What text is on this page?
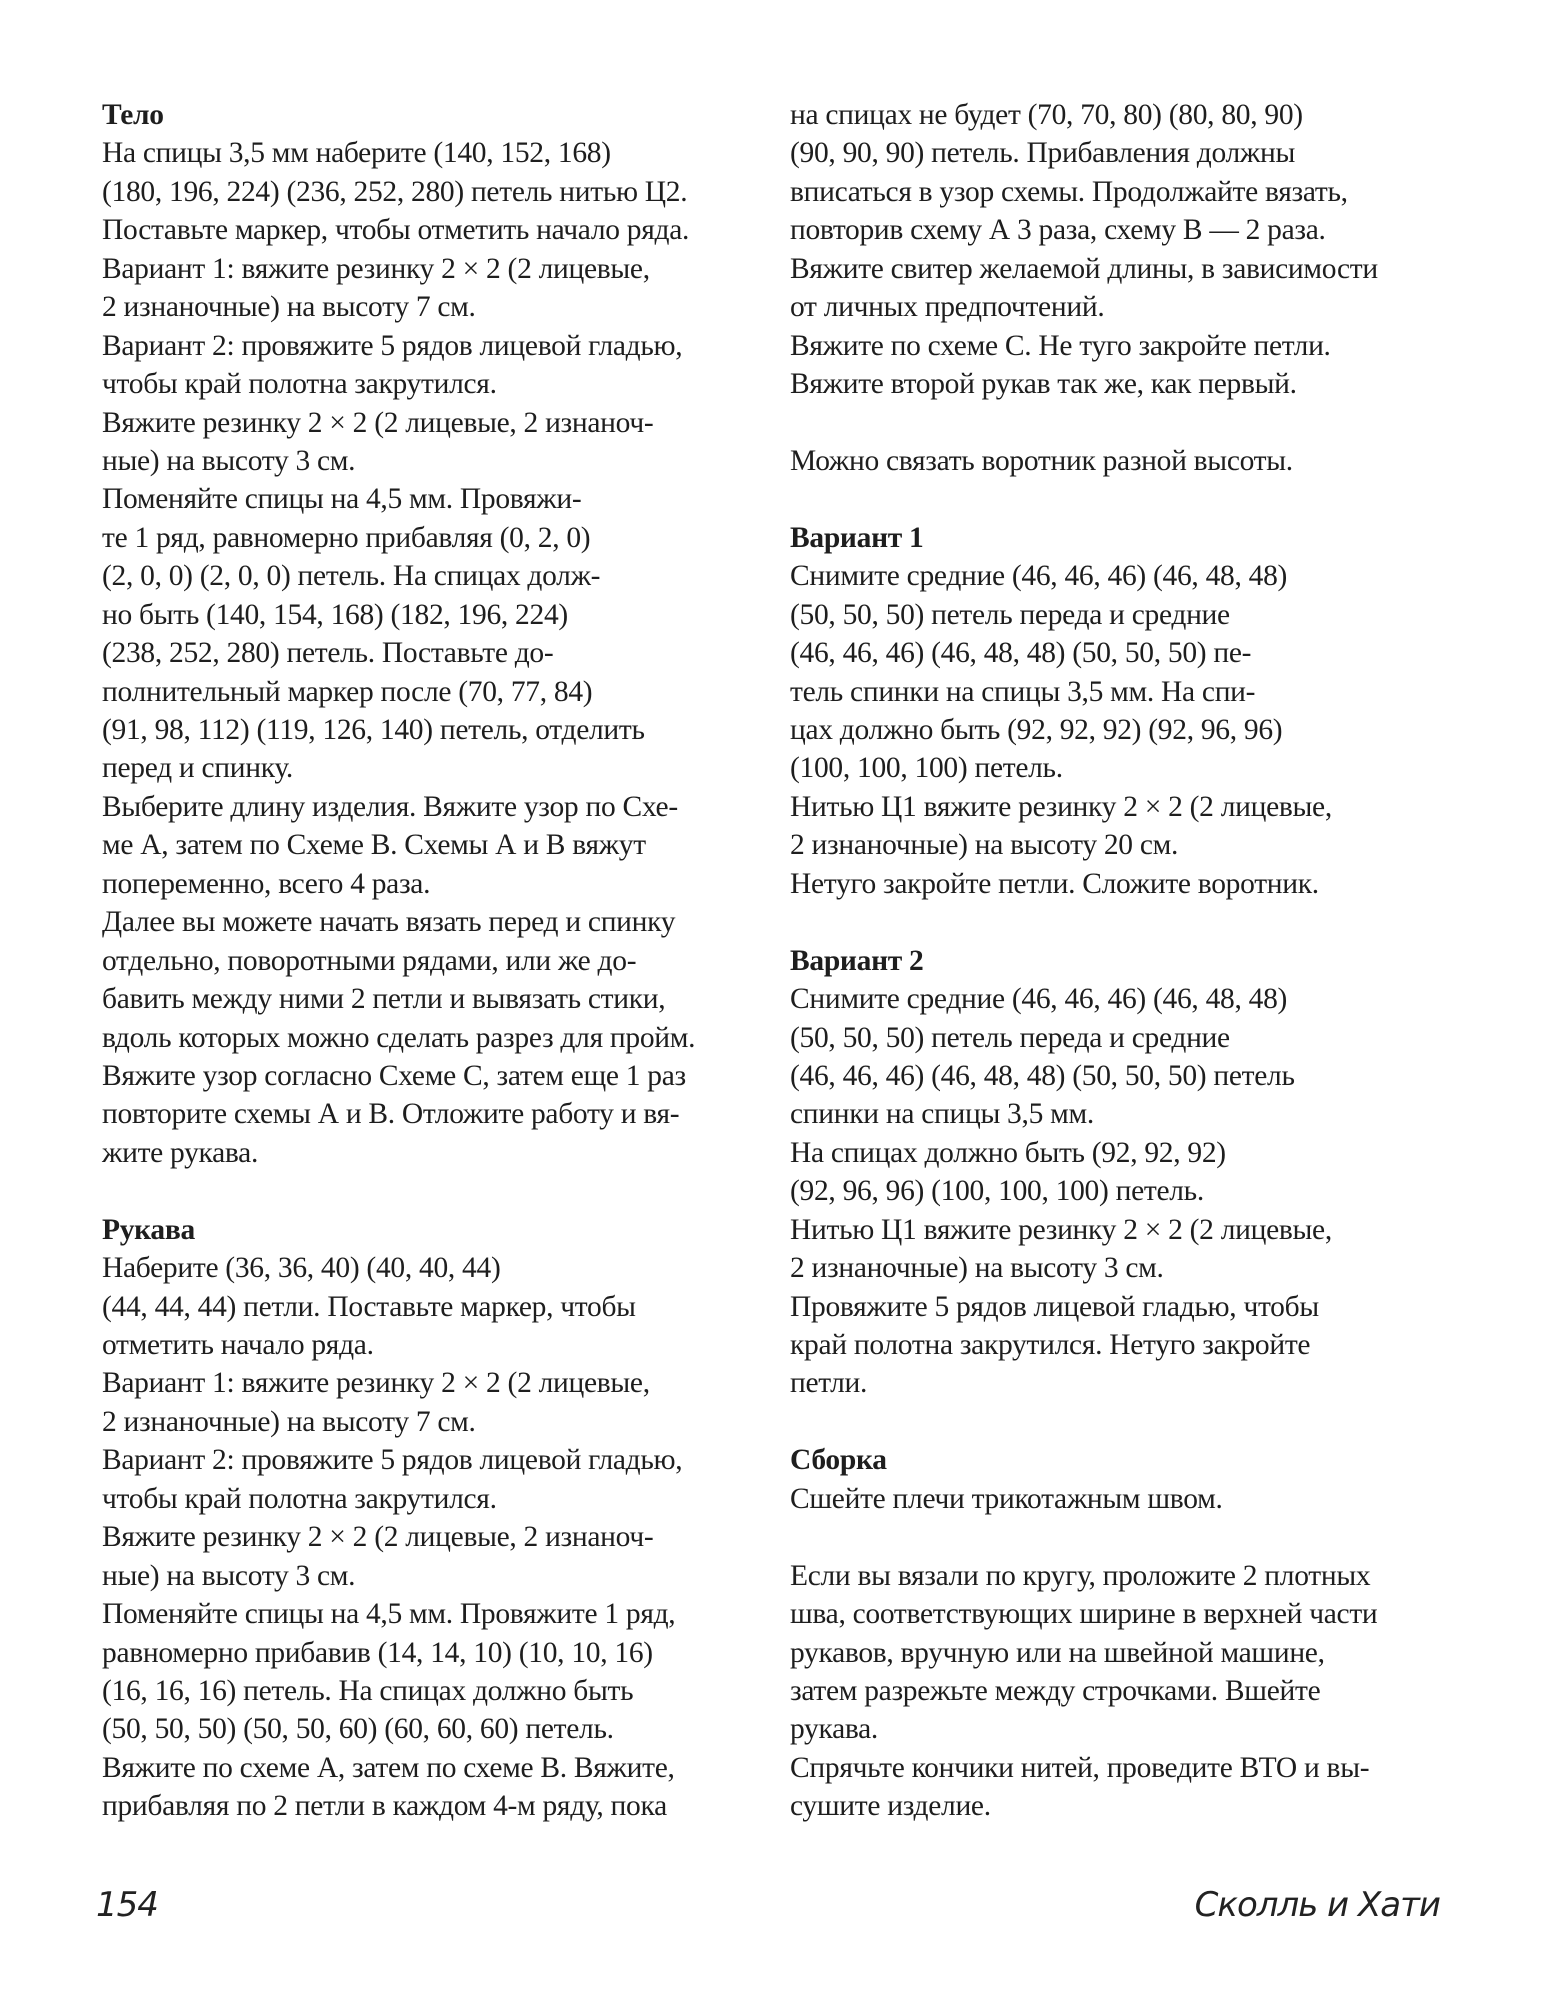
Тело
На спицы 3,5 мм наберите (140, 152, 168)
(180, 196, 224) (236, 252, 280) петель нитью Ц2.
Поставьте маркер, чтобы отметить начало ряда.
Вариант 1: вяжите резинку 2 × 2 (2 лицевые,
2 изнаночные) на высоту 7 см.
Вариант 2: провяжите 5 рядов лицевой гладью,
чтобы край полотна закрутился.
Вяжите резинку 2 × 2 (2 лицевые, 2 изнаноч-
ные) на высоту 3 см.
Поменяйте спицы на 4,5 мм. Провяжи-
те 1 ряд, равномерно прибавляя (0, 2, 0)
(2, 0, 0) (2, 0, 0) петель. На спицах долж-
но быть (140, 154, 168) (182, 196, 224)
(238, 252, 280) петель. Поставьте до-
полнительный маркер после (70, 77, 84)
(91, 98, 112) (119, 126, 140) петель, отделить
перед и спинку.
Выберите длину изделия. Вяжите узор по Схе-
ме А, затем по Схеме В. Схемы А и В вяжут
попеременно, всего 4 раза.
Далее вы можете начать вязать перед и спинку
отдельно, поворотными рядами, или же до-
бавить между ними 2 петли и вывязать стики,
вдоль которых можно сделать разрез для пройм.
Вяжите узор согласно Схеме С, затем еще 1 раз
повторите схемы А и В. Отложите работу и вя-
жите рукава.
Рукава
Наберите (36, 36, 40) (40, 40, 44)
(44, 44, 44) петли. Поставьте маркер, чтобы
отметить начало ряда.
Вариант 1: вяжите резинку 2 × 2 (2 лицевые,
2 изнаночные) на высоту 7 см.
Вариант 2: провяжите 5 рядов лицевой гладью,
чтобы край полотна закрутился.
Вяжите резинку 2 × 2 (2 лицевые, 2 изнаноч-
ные) на высоту 3 см.
Поменяйте спицы на 4,5 мм. Провяжите 1 ряд,
равномерно прибавив (14, 14, 10) (10, 10, 16)
(16, 16, 16) петель. На спицах должно быть
(50, 50, 50) (50, 50, 60) (60, 60, 60) петель.
Вяжите по схеме А, затем по схеме В. Вяжите,
прибавляя по 2 петли в каждом 4-м ряду, пока
на спицах не будет (70, 70, 80) (80, 80, 90)
(90, 90, 90) петель. Прибавления должны
вписаться в узор схемы. Продолжайте вязать,
повторив схему А 3 раза, схему В — 2 раза.
Вяжите свитер желаемой длины, в зависимости
от личных предпочтений.
Вяжите по схеме С. Не туго закройте петли.
Вяжите второй рукав так же, как первый.
Можно связать воротник разной высоты.
Вариант 1
Снимите средние (46, 46, 46) (46, 48, 48)
(50, 50, 50) петель переда и средние
(46, 46, 46) (46, 48, 48) (50, 50, 50) пе-
тель спинки на спицы 3,5 мм. На спи-
цах должно быть (92, 92, 92) (92, 96, 96)
(100, 100, 100) петель.
Нитью Ц1 вяжите резинку 2 × 2 (2 лицевые,
2 изнаночные) на высоту 20 см.
Нетуго закройте петли. Сложите воротник.
Вариант 2
Снимите средние (46, 46, 46) (46, 48, 48)
(50, 50, 50) петель переда и средние
(46, 46, 46) (46, 48, 48) (50, 50, 50) петель
спинки на спицы 3,5 мм.
На спицах должно быть (92, 92, 92)
(92, 96, 96) (100, 100, 100) петель.
Нитью Ц1 вяжите резинку 2 × 2 (2 лицевые,
2 изнаночные) на высоту 3 см.
Провяжите 5 рядов лицевой гладью, чтобы
край полотна закрутился. Нетуго закройте
петли.
Сборка
Сшейте плечи трикотажным швом.
Если вы вязали по кругу, проложите 2 плотных
шва, соответствующих ширине в верхней части
рукавов, вручную или на швейной машине,
затем разрежьте между строчками. Вшейте
рукава.
Спрячьте кончики нитей, проведите ВТО и вы-
сушите изделие.
154	Сколль и Хати
